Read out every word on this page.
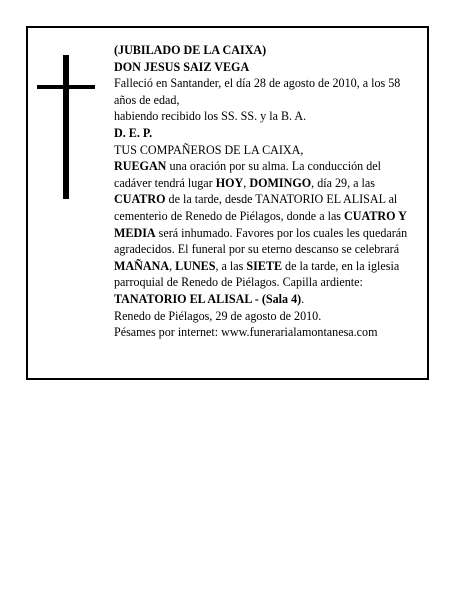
(JUBILADO DE LA CAIXA)

DON JESUS SAIZ VEGA

Falleció en Santander, el día 28 de agosto de 2010, a los 58 años de edad,

habiendo recibido los SS. SS. y la B. A.

D. E. P.

TUS COMPAÑEROS DE LA CAIXA,

RUEGAN una oración por su alma. La conducción del cadáver tendrá lugar HOY, DOMINGO, día 29, a las CUATRO de la tarde, desde TANATORIO EL ALISAL al cementerio de Renedo de Piélagos, donde a las CUATRO Y MEDIA será inhumado. Favores por los cuales les quedarán agradecidos. El funeral por su eterno descanso se celebrará MAÑANA, LUNES, a las SIETE de la tarde, en la iglesia parroquial de Renedo de Piélagos. Capilla ardiente: TANATORIO EL ALISAL - (Sala 4).

Renedo de Piélagos, 29 de agosto de 2010.

Pésames por internet: www.funerarialamontanesa.com
